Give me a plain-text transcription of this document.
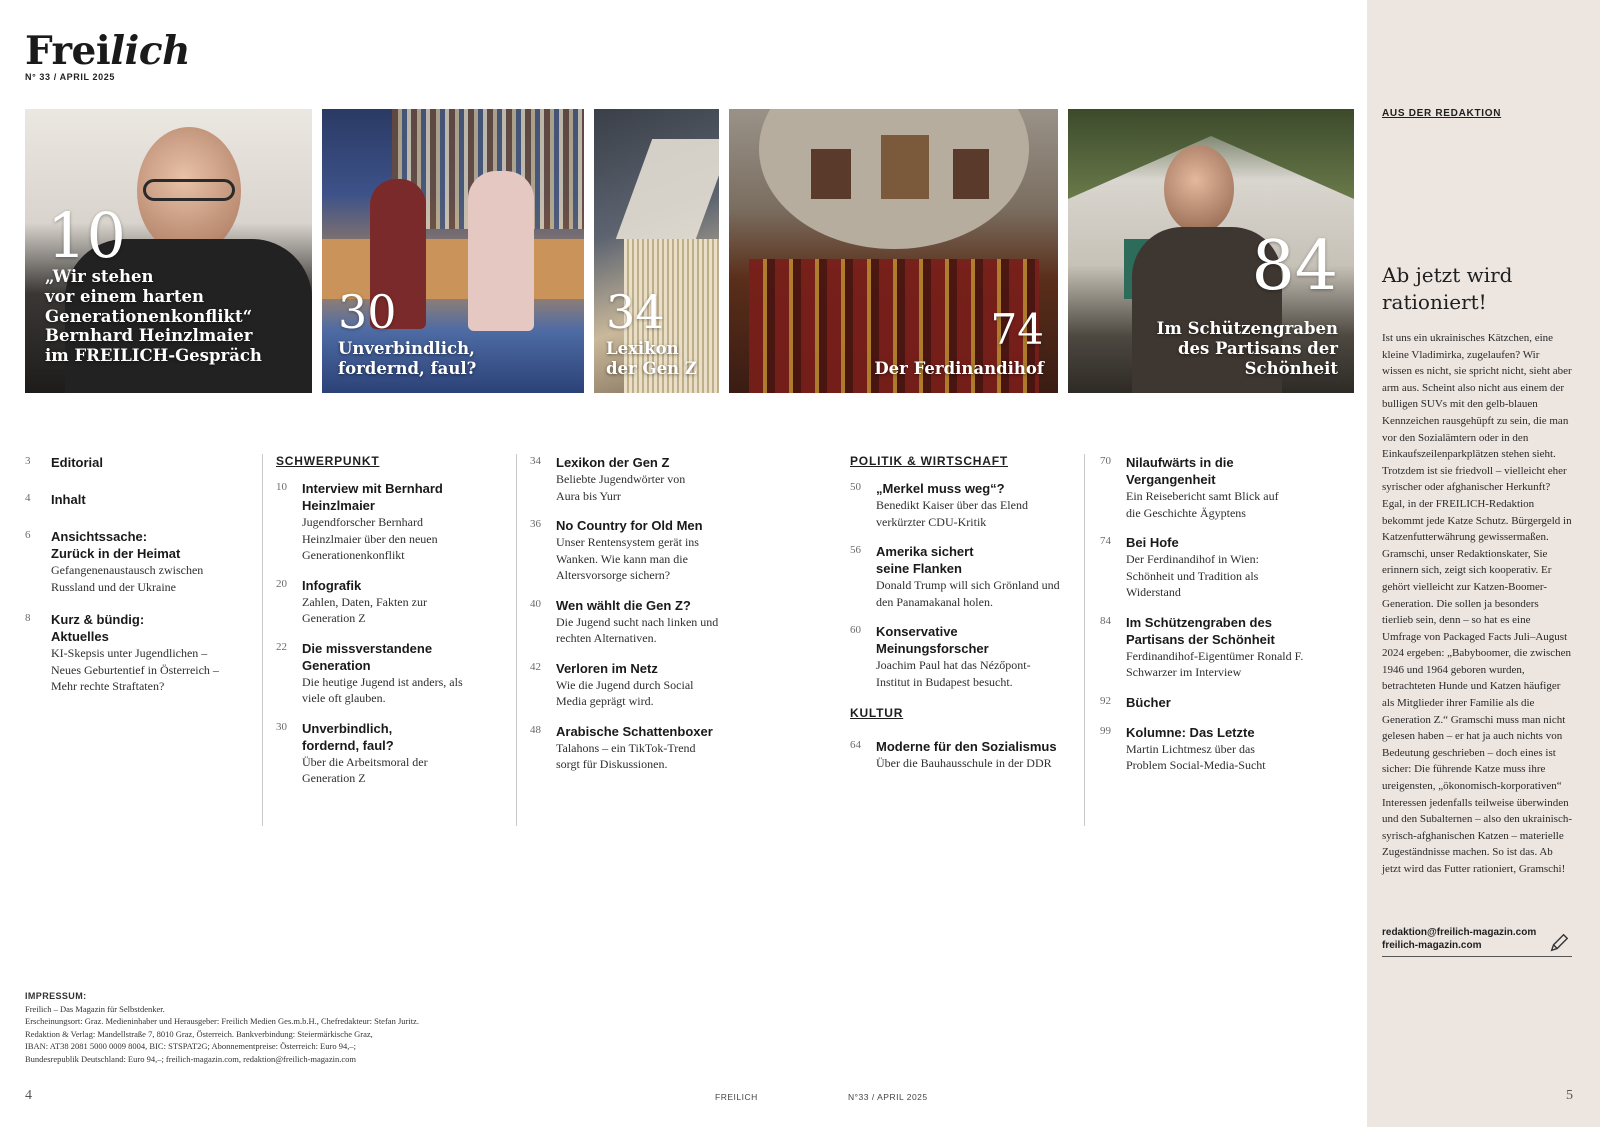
Freilich
N° 33 / APRIL 2025
10
„Wir stehen
vor einem harten
Generationenkonflikt“
Bernhard Heinzlmaier
im FREILICH-Gespräch
30
Unverbindlich,
fordernd, faul?
34
Lexikon
der Gen Z
74
Der Ferdinandihof
84
Im Schützengraben
des Partisans der
Schönheit
3 Editorial
4 Inhalt
6 Ansichtssache: Zurück in der Heimat
Gefangenenaustausch zwischen Russland und der Ukraine
8 Kurz & bündig: Aktuelles
KI-Skepsis unter Jugendlichen – Neues Geburtentief in Österreich – Mehr rechte Straftaten?
SCHWERPUNKT
10 Interview mit Bernhard Heinzlmaier
Jugendforscher Bernhard Heinzlmaier über den neuen Generationenkonflikt
20 Infografik
Zahlen, Daten, Fakten zur Generation Z
22 Die missverstandene Generation
Die heutige Jugend ist anders, als viele oft glauben.
30 Unverbindlich, fordernd, faul?
Über die Arbeitsmoral der Generation Z
34 Lexikon der Gen Z
Beliebte Jugendwörter von Aura bis Yurr
36 No Country for Old Men
Unser Rentensystem gerät ins Wanken. Wie kann man die Altersvorsorge sichern?
40 Wen wählt die Gen Z?
Die Jugend sucht nach linken und rechten Alternativen.
42 Verloren im Netz
Wie die Jugend durch Social Media geprägt wird.
48 Arabische Schattenboxer
Talahons – ein TikTok-Trend sorgt für Diskussionen.
POLITIK & WIRTSCHAFT
50 „Merkel muss weg“?
Benedikt Kaiser über das Elend verkürzter CDU-Kritik
56 Amerika sichert seine Flanken
Donald Trump will sich Grönland und den Panamakanal holen.
60 Konservative Meinungsforscher
Joachim Paul hat das Nézőpont-Institut in Budapest besucht.
KULTUR
64 Moderne für den Sozialismus
Über die Bauhausschule in der DDR
70 Nilaufwärts in die Vergangenheit
Ein Reisebericht samt Blick auf die Geschichte Ägyptens
74 Bei Hofe
Der Ferdinandihof in Wien: Schönheit und Tradition als Widerstand
84 Im Schützengraben des Partisans der Schönheit
Ferdinandihof-Eigentümer Ronald F. Schwarzer im Interview
92 Bücher
99 Kolumne: Das Letzte
Martin Lichtmesz über das Problem Social-Media-Sucht
IMPRESSUM:
Freilich – Das Magazin für Selbstdenker.
Erscheinungsort: Graz. Medieninhaber und Herausgeber: Freilich Medien Ges.m.b.H., Chefredakteur: Stefan Juritz.
Redaktion & Verlag: Mandellstraße 7, 8010 Graz, Österreich. Bankverbindung: Steiermärkische Graz,
IBAN: AT38 2081 5000 0009 8004, BIC: STSPAT2G; Abonnementpreise: Österreich: Euro 94,–;
Bundesrepublik Deutschland: Euro 94,–; freilich-magazin.com, redaktion@freilich-magazin.com
4	FREILICH	N°33 / APRIL 2025
AUS DER REDAKTION
Ab jetzt wird rationiert!
Ist uns ein ukrainisches Kätzchen, eine kleine Vladimirka, zugelaufen? Wir wissen es nicht, sie spricht nicht, sieht aber arm aus. Scheint also nicht aus einem der bulligen SUVs mit den gelb-blauen Kennzeichen rausgehüpft zu sein, die man vor den Sozialämtern oder in den Einkaufszeilenparkplätzen stehen sieht. Trotzdem ist sie friedvoll – vielleicht eher syrischer oder afghanischer Herkunft? Egal, in der FREILICH-Redaktion bekommt jede Katze Schutz. Bürgergeld in Katzenfutterwährung gewissermaßen. Gramschi, unser Redaktionskater, Sie erinnern sich, zeigt sich kooperativ. Er gehört vielleicht zur Katzen-Boomer-Generation. Die sollen ja besonders tierlieb sein, denn – so hat es eine Umfrage von Packaged Facts Juli–August 2024 ergeben: „Babyboomer, die zwischen 1946 und 1964 geboren wurden, betrachteten Hunde und Katzen häufiger als Mitglieder ihrer Familie als die Generation Z.“ Gramschi muss man nicht gelesen haben – er hat ja auch nichts von Bedeutung geschrieben – doch eines ist sicher: Die führende Katze muss ihre ureigensten, „ökonomisch-korporativen“ Interessen jedenfalls teilweise überwinden und den Subalternen – also den ukrainisch-syrisch-afghanischen Katzen – materielle Zugeständnisse machen. So ist das. Ab jetzt wird das Futter rationiert, Gramschi!
redaktion@freilich-magazin.com
freilich-magazin.com
5
